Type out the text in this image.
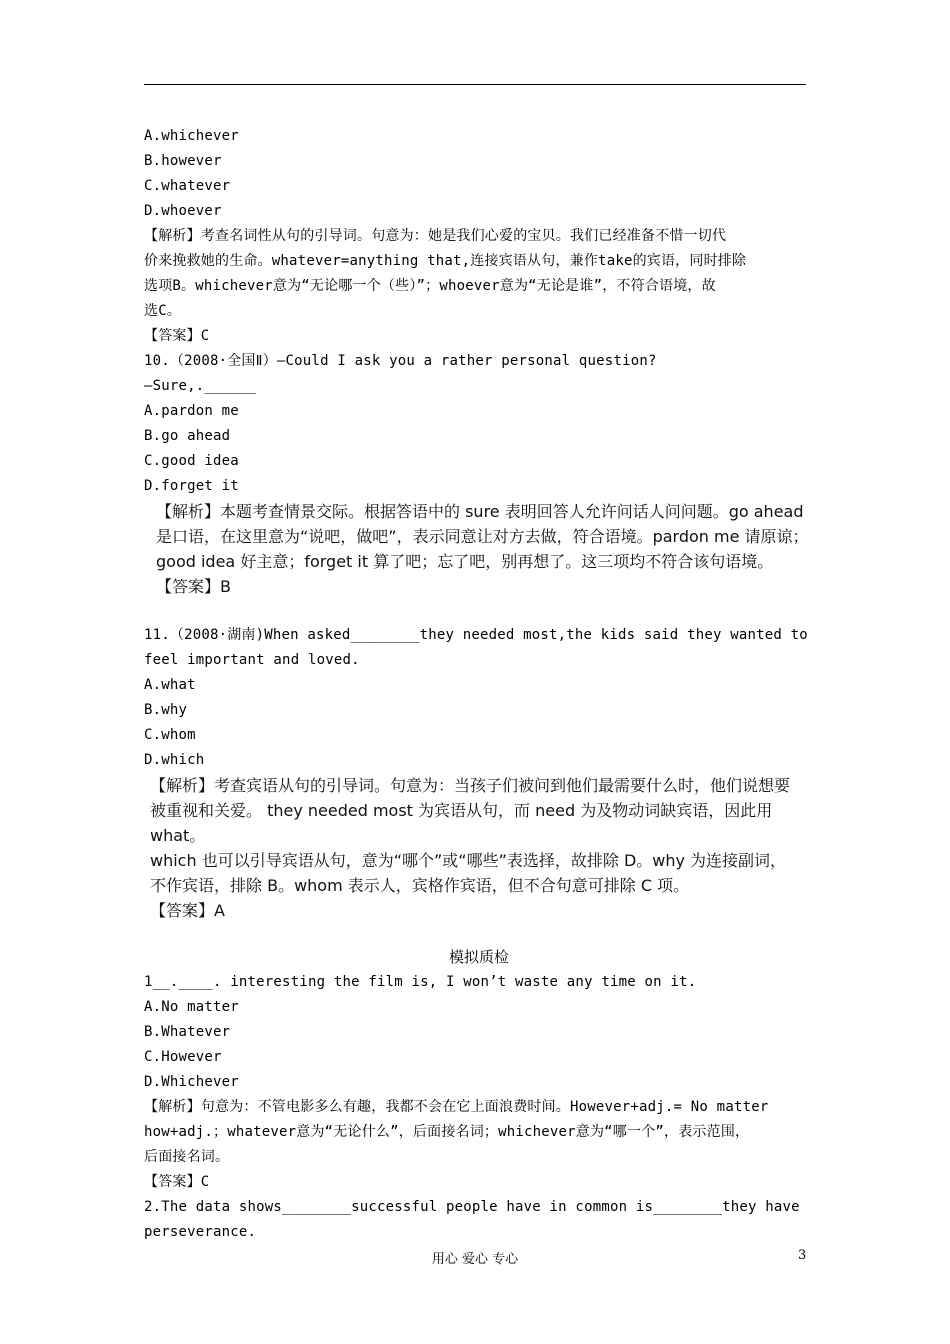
A.whichever
B.however
C.whatever
D.whoever
【解析】考查名词性从句的引导词。句意为：她是我们心爱的宝贝。我们已经准备不惜一切代
价来挽救她的生命。whatever=anything that,连接宾语从句，兼作take的宾语，同时排除
选项B。whichever意为“无论哪一个（些）”；whoever意为“无论是谁”，不符合语境，故
选C。
【答案】C
10.（2008·全国Ⅱ）—Could I ask you a rather personal question?
—Sure,.______
A.pardon me
B.go ahead
C.good idea
D.forget it
【解析】本题考查情景交际。根据答语中的 sure 表明回答人允许问话人问问题。go ahead
是口语，在这里意为“说吧，做吧”，表示同意让对方去做，符合语境。pardon me 请原谅；
good idea 好主意；forget it 算了吧；忘了吧，别再想了。这三项均不符合该句语境。
【答案】B
11.（2008·湖南)When asked________they needed most,the kids said they wanted to
feel important and loved.
A.what
B.why
C.whom
D.which
【解析】考查宾语从句的引导词。句意为：当孩子们被问到他们最需要什么时，他们说想要
被重视和关爱。 they needed most 为宾语从句，而 need 为及物动词缺宾语，因此用 what。
which 也可以引导宾语从句，意为“哪个”或“哪些”表选择，故排除 D。why 为连接副词，
不作宾语，排除 B。whom 表示人，宾格作宾语，但不合句意可排除 C 项。
【答案】A
模拟质检
1__.____. interesting the film is, I won’t waste any time on it.
A.No matter
B.Whatever
C.However
D.Whichever
【解析】句意为：不管电影多么有趣，我都不会在它上面浪费时间。However+adj.= No matter
how+adj.；whatever意为“无论什么”，后面接名词；whichever意为“哪一个”，表示范围，
后面接名词。
【答案】C
2.The data shows________successful people have in common is________they have
perseverance.
用心 爱心 专心	3
